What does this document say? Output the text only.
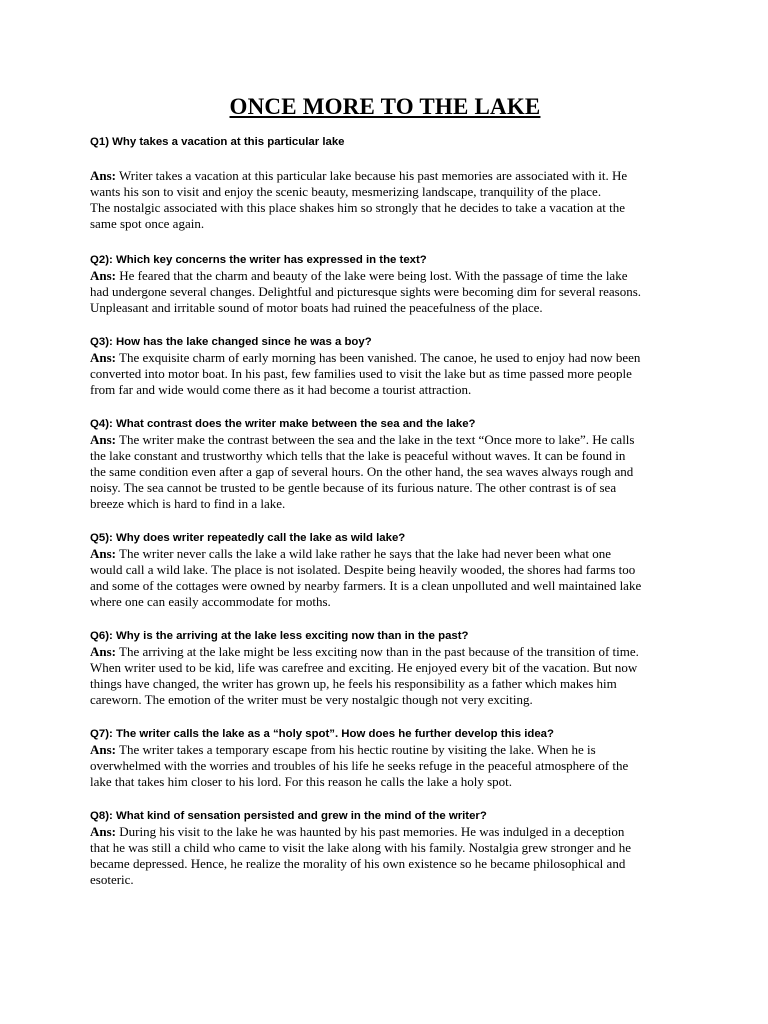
ONCE MORE TO THE LAKE

Q1) Why takes a vacation at this particular lake

Ans: Writer takes a vacation at this particular lake because his past memories are associated with it. He
wants his son to visit and enjoy the scenic beauty, mesmerizing landscape, tranquility of the place.
The nostalgic associated with this place shakes him so strongly that he decides to take a vacation at the
same spot once again.

Q2): Which key concerns the writer has expressed in the text?

Ans: He feared that the charm and beauty of the lake were being lost. With the passage of time the lake
had undergone several changes. Delightful and picturesque sights were becoming dim for several reasons.
Unpleasant and irritable sound of motor boats had ruined the peacefulness of the place.

Q3): How has the lake changed since he was a boy?

Ans: The exquisite charm of early morning has been vanished. The canoe, he used to enjoy had now been
converted into motor boat. In his past, few families used to visit the lake but as time passed more people
from far and wide would come there as it had become a tourist attraction.

Q4): What contrast does the writer make between the sea and the lake?

Ans: The writer make the contrast between the sea and the lake in the text “Once more to lake”. He calls
the lake constant and trustworthy which tells that the lake is peaceful without waves. It can be found in
the same condition even after a gap of several hours. On the other hand, the sea waves always rough and
noisy. The sea cannot be trusted to be gentle because of its furious nature. The other contrast is of sea
breeze which is hard to find in a lake.

Q5): Why does writer repeatedly call the lake as wild lake?

Ans: The writer never calls the lake a wild lake rather he says that the lake had never been what one
would call a wild lake. The place is not isolated. Despite being heavily wooded, the shores had farms too
and some of the cottages were owned by nearby farmers. It is a clean unpolluted and well maintained lake
where one can easily accommodate for moths.

Q6): Why is the arriving at the lake less exciting now than in the past?

Ans: The arriving at the lake might be less exciting now than in the past because of the transition of time.
When writer used to be kid, life was carefree and exciting. He enjoyed every bit of the vacation. But now
things have changed, the writer has grown up, he feels his responsibility as a father which makes him
careworn. The emotion of the writer must be very nostalgic though not very exciting.

Q7): The writer calls the lake as a “holy spot”. How does he further develop this idea?

Ans: The writer takes a temporary escape from his hectic routine by visiting the lake. When he is
overwhelmed with the worries and troubles of his life he seeks refuge in the peaceful atmosphere of the
lake that takes him closer to his lord. For this reason he calls the lake a holy spot.

Q8): What kind of sensation persisted and grew in the mind of the writer?

Ans: During his visit to the lake he was haunted by his past memories. He was indulged in a deception
that he was still a child who came to visit the lake along with his family. Nostalgia grew stronger and he
became depressed. Hence, he realize the morality of his own existence so he became philosophical and
esoteric.
